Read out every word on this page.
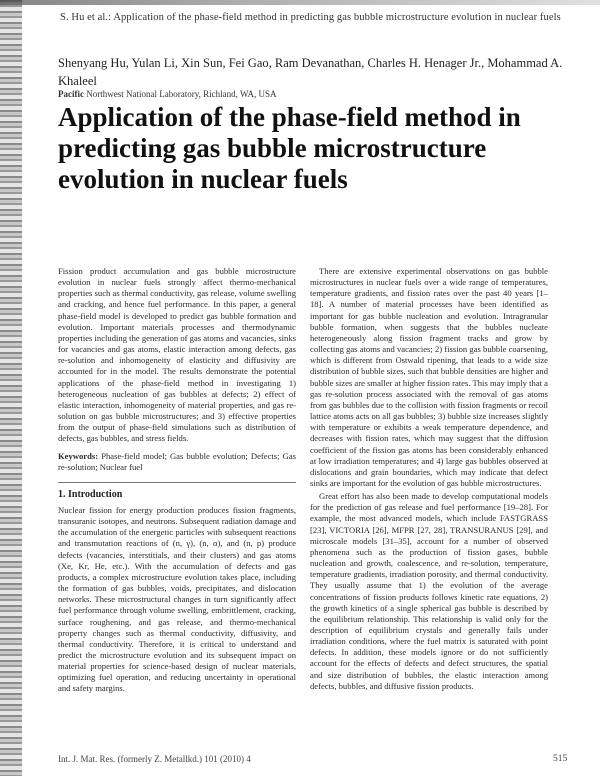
S. Hu et al.: Application of the phase-field method in predicting gas bubble microstructure evolution in nuclear fuels
Shenyang Hu, Yulan Li, Xin Sun, Fei Gao, Ram Devanathan, Charles H. Henager Jr., Mohammad A. Khaleel
Pacific Northwest National Laboratory, Richland, WA, USA
Application of the phase-field method in predicting gas bubble microstructure evolution in nuclear fuels

Fission product accumulation and gas bubble microstructure evolution in nuclear fuels strongly affect thermo-mechanical properties such as thermal conductivity, gas release, volume swelling and cracking, and hence fuel performance. In this paper, a general phase-field model is developed to predict gas bubble formation and evolution. Important materials processes and thermodynamic properties including the generation of gas atoms and vacancies, sinks for vacancies and gas atoms, elastic interaction among defects, gas re-solution and inhomogeneity of elasticity and diffusivity are accounted for in the model. The results demonstrate the potential applications of the phase-field method in investigating 1) heterogeneous nucleation of gas bubbles at defects; 2) effect of elastic interaction, inhomogeneity of material properties, and gas re-solution on gas bubble microstructures; and 3) effective properties from the output of phase-field simulations such as distribution of defects, gas bubbles, and stress fields.

Keywords: Phase-field model; Gas bubble evolution; Defects; Gas re-solution; Nuclear fuel

1. Introduction

Nuclear fission for energy production produces fission fragments, transuranic isotopes, and neutrons. Subsequent radiation damage and the accumulation of the energetic particles with subsequent reactions and transmutation reactions of (n, γ), (n, α), and (n, p) produce defects (vacancies, interstitials, and their clusters) and gas atoms (Xe, Kr, He, etc.). With the accumulation of defects and gas products, a complex microstructure evolution takes place, including the formation of gas bubbles, voids, precipitates, and dislocation networks. These microstructural changes in turn significantly affect fuel performance through volume swelling, embrittlement, cracking, surface roughening, and gas release, and thermo-mechanical property changes such as thermal conductivity, diffusivity, and thermal conductivity. Therefore, it is critical to understand and predict the microstructure evolution and its subsequent impact on material properties for science-based design of nuclear materials, optimizing fuel operation, and reducing uncertainty in operational and safety margins.

There are extensive experimental observations on gas bubble microstructures in nuclear fuels over a wide range of temperatures, temperature gradients, and fission rates over the past 40 years [1–18]. A number of material processes have been identified as important for gas bubble nucleation and evolution. Intragranular bubble formation, when suggests that the bubbles nucleate heterogeneously along fission fragment tracks and grow by collecting gas atoms and vacancies; 2) fission gas bubble coarsening, which is different from Ostwald ripening, that leads to a wide size distribution of bubble sizes, such that bubble densities are higher and bubble sizes are smaller at higher fission rates. This may imply that a gas re-solution process associated with the removal of gas atoms from gas bubbles due to the collision with fission fragments or recoil lattice atoms acts on all gas bubbles; 3) bubble size increases slightly with temperature or exhibits a weak temperature dependence, and decreases with fission rates, which may suggest that the diffusion coefficient of the fission gas atoms has been considerably enhanced at low irradiation temperatures; and 4) large gas bubbles observed at dislocations and grain boundaries, which may indicate that defect sinks are important for the evolution of gas bubble microstructures.

Great effort has also been made to develop computational models for the prediction of gas release and fuel performance [19–28]. For example, the most advanced models, which include FASTGRASS [23], VICTORIA [26], MFPR [27, 28], TRANSURANUS [29], and microscale models [31–35], account for a number of observed phenomena such as the production of fission gases, bubble nucleation and growth, coalescence, and re-solution, temperature, temperature gradients, irradiation porosity, and thermal conductivity. They usually assume that 1) the evolution of the average concentrations of fission products follows kinetic rate equations, 2) the growth kinetics of a single spherical gas bubble is described by the equilibrium relationship. This relationship is valid only for the description of equilibrium crystals and generally fails under irradiation conditions, where the fuel matrix is saturated with point defects. In addition, these models ignore or do not sufficiently account for the effects of defects and defect structures, the spatial and size distribution of bubbles, the elastic interaction among defects, bubbles, and diffusive fission products.

Int. J. Mat. Res. (formerly Z. Metallkd.) 101 (2010) 4	515
